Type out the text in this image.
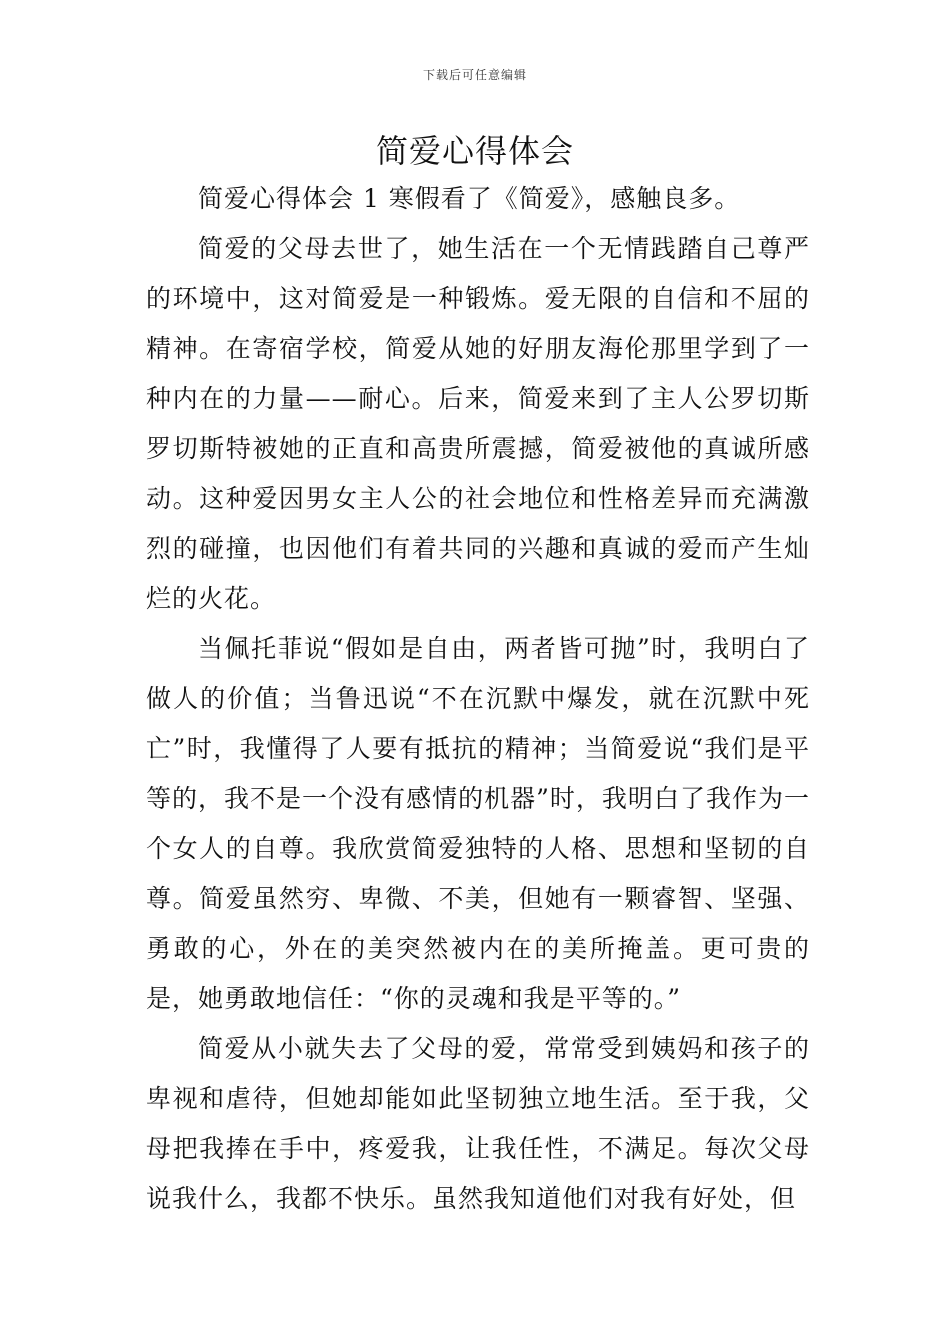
下载后可任意编辑
简爱心得体会

简爱心得体会 1 寒假看了《简爱》，感触良多。

简爱的父母去世了，她生活在一个无情践踏自己尊严的环境中，这对简爱是一种锻炼。爱无限的自信和不屈的精神。在寄宿学校，简爱从她的好朋友海伦那里学到了一种内在的力量——耐心。后来，简爱来到了主人公罗切斯罗切斯特被她的正直和高贵所震撼，简爱被他的真诚所感动。这种爱因男女主人公的社会地位和性格差异而充满激烈的碰撞，也因他们有着共同的兴趣和真诚的爱而产生灿烂的火花。

当佩托菲说“假如是自由，两者皆可抛”时，我明白了做人的价值；当鲁迅说“不在沉默中爆发，就在沉默中死亡”时，我懂得了人要有抵抗的精神；当简爱说“我们是平等的，我不是一个没有感情的机器”时，我明白了我作为一个女人的自尊。我欣赏简爱独特的人格、思想和坚韧的自尊。简爱虽然穷、卑微、不美，但她有一颗睿智、坚强、勇敢的心，外在的美突然被内在的美所掩盖。更可贵的是，她勇敢地信任：“你的灵魂和我是平等的。”

简爱从小就失去了父母的爱，常常受到姨妈和孩子的卑视和虐待，但她却能如此坚韧独立地生活。至于我，父母把我捧在手中，疼爱我，让我任性，不满足。每次父母说我什么，我都不快乐。虽然我知道他们对我有好处，但
